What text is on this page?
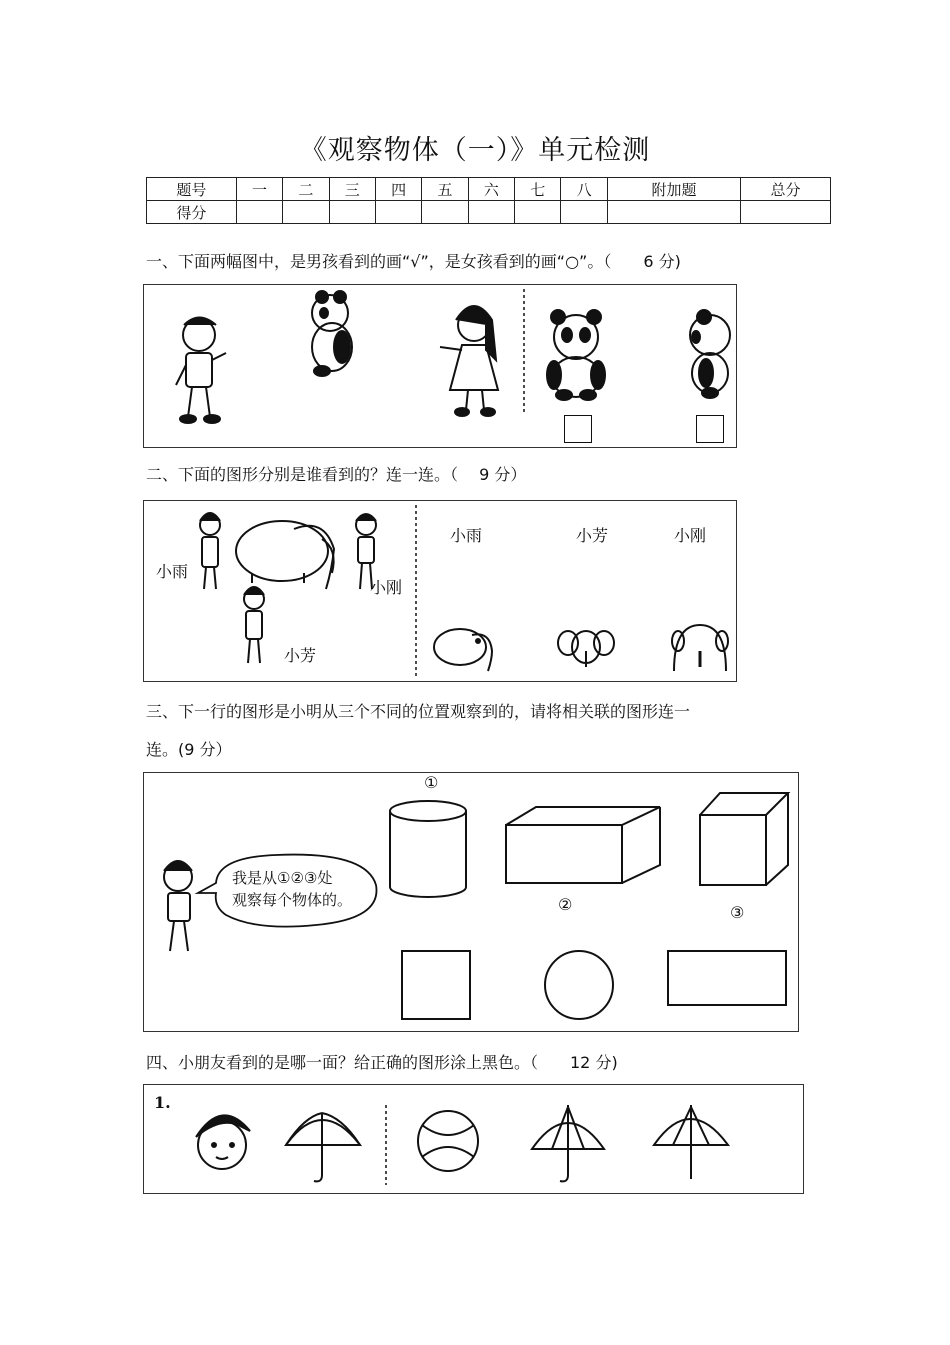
《观察物体（一）》单元检测
题号	一	二	三	四	五	六	七	八	附加题	总分
得分										
一、下面两幅图中，是男孩看到的画“√”，是女孩看到的画“○”。（　　6 分)
二、下面的图形分别是谁看到的？连一连。（　 9 分）
小雨
小刚
小芳
小雨	小芳	小刚
三、下一行的图形是小明从三个不同的位置观察到的，请将相关联的图形连一
连。(9 分）
我是从①②③处
观察每个物体的。
①
②	③
四、小朋友看到的是哪一面？给正确的图形涂上黑色。（　　12 分)
1.
